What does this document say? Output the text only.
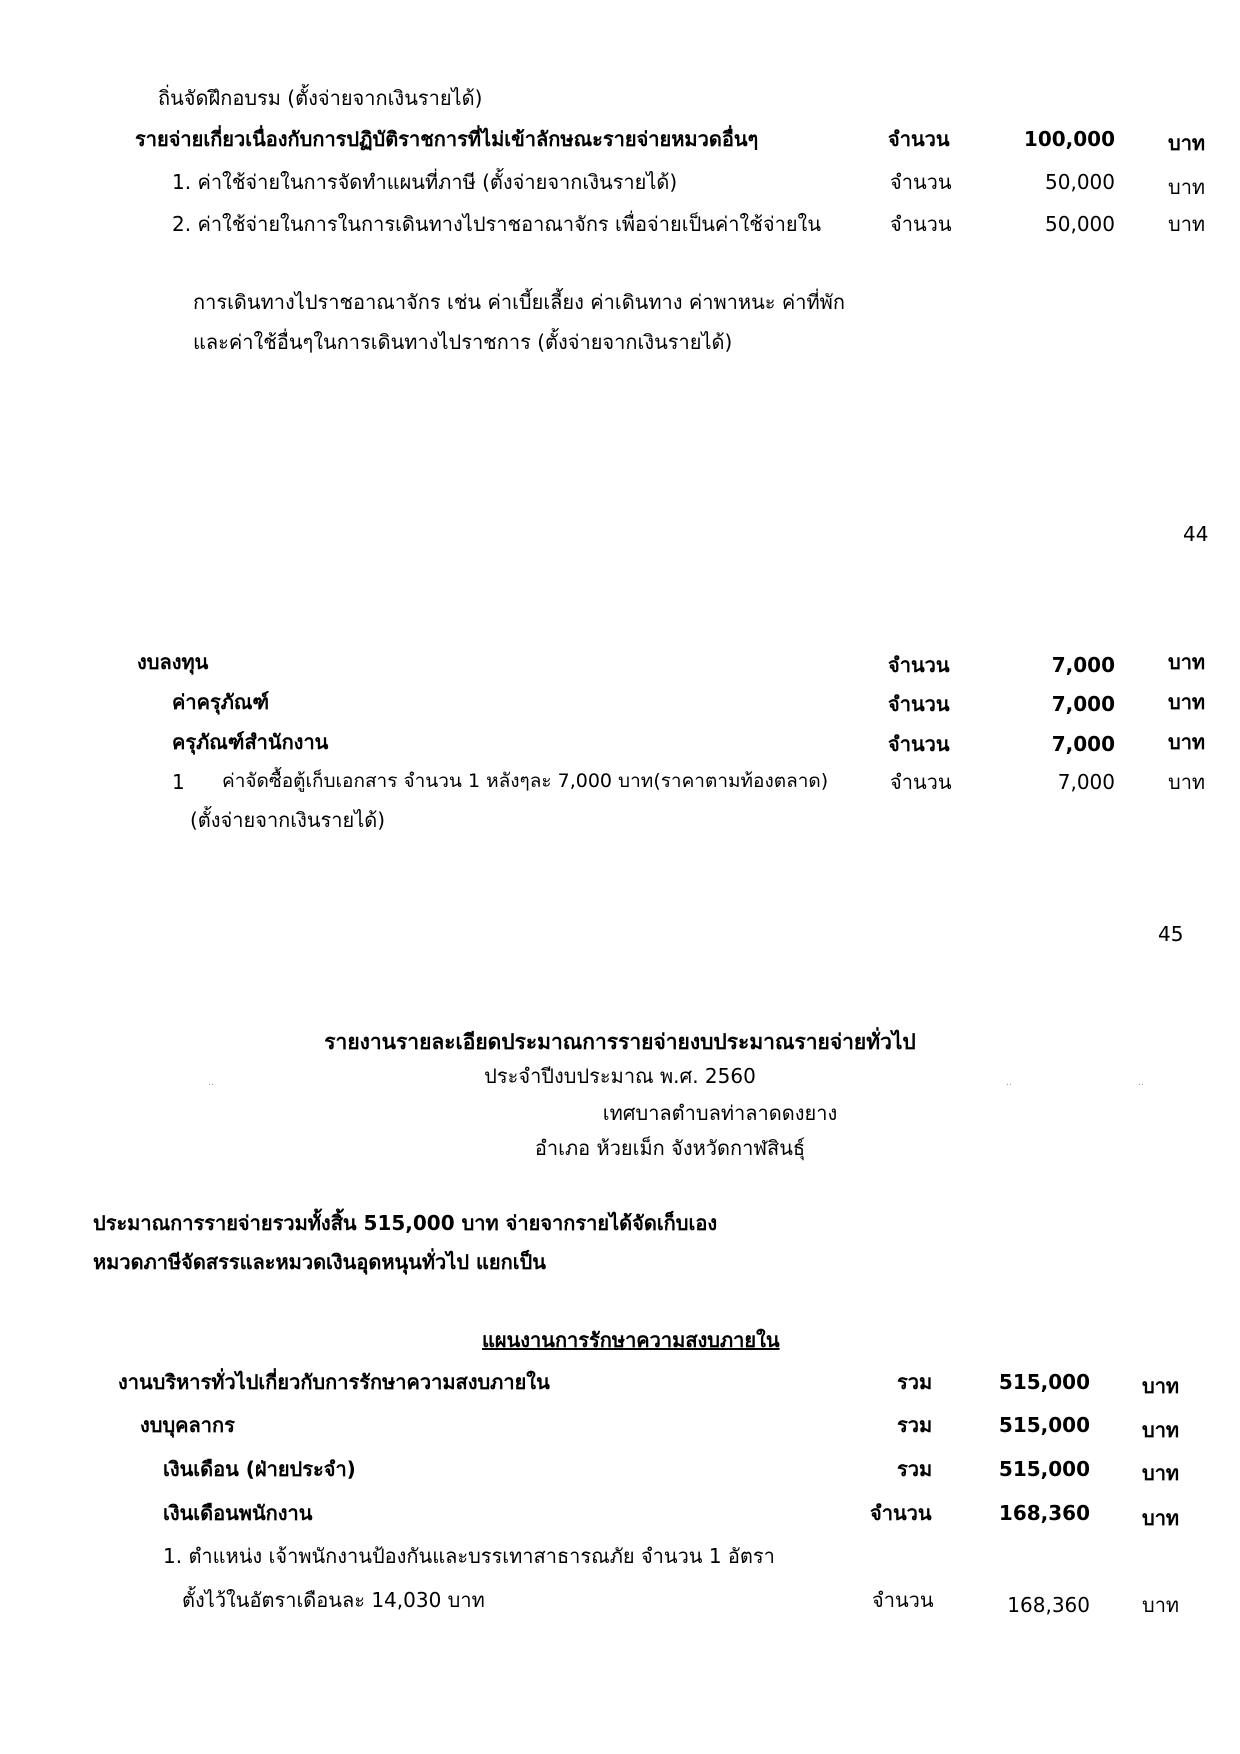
ถิ่นจัดฝึกอบรม (ตั้งจ่ายจากเงินรายได้)
รายจ่ายเกี่ยวเนื่องกับการปฏิบัติราชการที่ไม่เข้าลักษณะรายจ่ายหมวดอื่นๆ	จำนวน	100,000	บาท
1. ค่าใช้จ่ายในการจัดทำแผนที่ภาษี (ตั้งจ่ายจากเงินรายได้)	จำนวน	50,000	บาท
2. ค่าใช้จ่ายในการในการเดินทางไปราชอาณาจักร เพื่อจ่ายเป็นค่าใช้จ่ายใน	จำนวน	50,000	บาท
การเดินทางไปราชอาณาจักร เช่น ค่าเบี้ยเลี้ยง ค่าเดินทาง ค่าพาหนะ ค่าที่พัก
และค่าใช้อื่นๆในการเดินทางไปราชการ (ตั้งจ่ายจากเงินรายได้)
44
งบลงทุน	จำนวน	7,000	บาท
ค่าครุภัณฑ์	จำนวน	7,000	บาท
ครุภัณฑ์สำนักงาน	จำนวน	7,000	บาท
1 ค่าจัดซื้อตู้เก็บเอกสาร จำนวน 1 หลังๆละ 7,000 บาท(ราคาตามท้องตลาด)	จำนวน	7,000	บาท
(ตั้งจ่ายจากเงินรายได้)
45
รายงานรายละเอียดประมาณการรายจ่ายงบประมาณรายจ่ายทั่วไป
‥	‥	‥
ประจำปีงบประมาณ พ.ศ. 2560
เทศบาลตำบลท่าลาดดงยาง
อำเภอ ห้วยเม็ก จังหวัดกาฬสินธุ์
ประมาณการรายจ่ายรวมทั้งสิ้น 515,000 บาท จ่ายจากรายได้จัดเก็บเอง
หมวดภาษีจัดสรรและหมวดเงินอุดหนุนทั่วไป แยกเป็น
แผนงานการรักษาความสงบภายใน
งานบริหารทั่วไปเกี่ยวกับการรักษาความสงบภายใน	รวม	515,000	บาท
งบบุคลากร	รวม	515,000	บาท
เงินเดือน (ฝ่ายประจำ)	รวม	515,000	บาท
เงินเดือนพนักงาน	จำนวน	168,360	บาท
1. ตำแหน่ง เจ้าพนักงานป้องกันและบรรเทาสาธารณภัย จำนวน 1 อัตรา
ตั้งไว้ในอัตราเดือนละ 14,030 บาท	จำนวน	168,360	บาท
